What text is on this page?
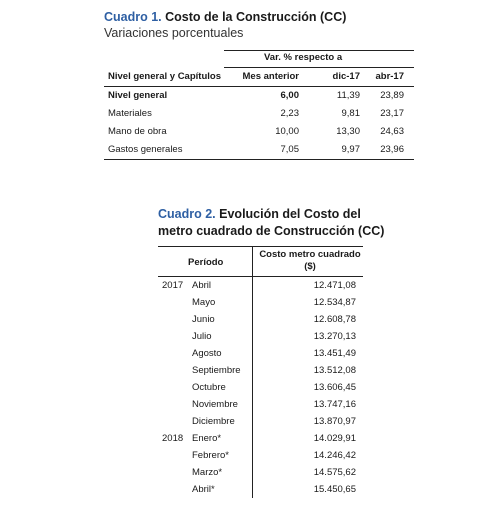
Cuadro 1. Costo de la Construcción (CC)
Variaciones porcentuales
Var. % respecto a
Nivel general y Capítulos	Mes anterior	dic-17	abr-17
Nivel general	6,00	11,39	23,89
Materiales	2,23	9,81	23,17
Mano de obra	10,00	13,30	24,63
Gastos generales	7,05	9,97	23,96
Cuadro 2. Evolución del Costo del
metro cuadrado de Construcción (CC)
Período
Costo metro cuadrado
($)
2017 Abril	12.471,08
Mayo	12.534,87
Junio	12.608,78
Julio	13.270,13
Agosto	13.451,49
Septiembre	13.512,08
Octubre	13.606,45
Noviembre	13.747,16
Diciembre	13.870,97
2018 Enero*	14.029,91
Febrero*	14.246,42
Marzo*	14.575,62
Abril*	15.450,65
